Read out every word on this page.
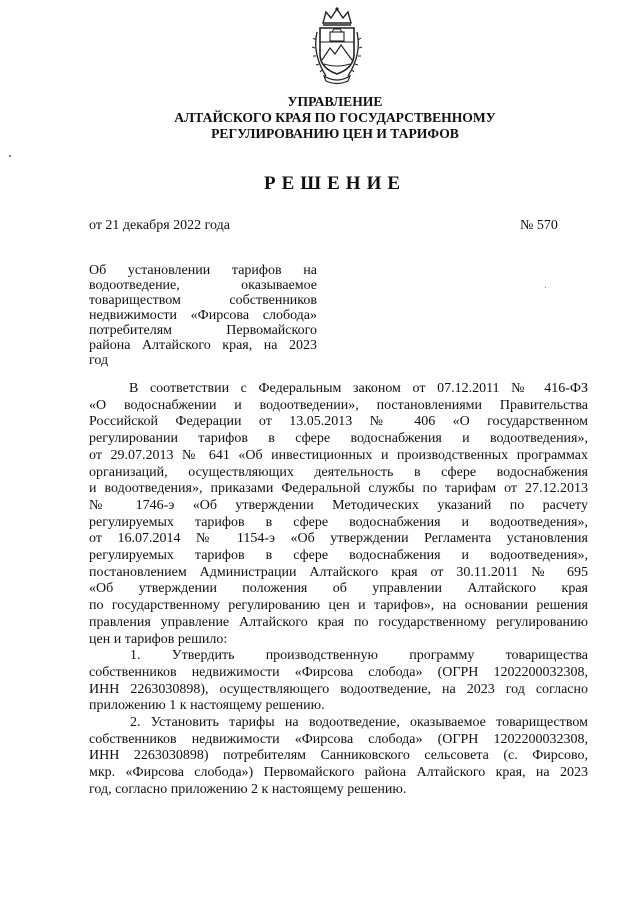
УПРАВЛЕНИЕ
АЛТАЙСКОГО КРАЯ ПО ГОСУДАРСТВЕННОМУ
РЕГУЛИРОВАНИЮ ЦЕН И ТАРИФОВ
РЕШЕНИЕ
от 21 декабря 2022 года	№ 570
Об установлении тарифов на
водоотведение, оказываемое
товариществом собственников
недвижимости «Фирсова слобода»
потребителям Первомайского
района Алтайского края, на 2023
год
В соответствии с Федеральным законом от 07.12.2011 № 416-ФЗ
«О водоснабжении и водоотведении», постановлениями Правительства
Российской Федерации от 13.05.2013 № 406 «О государственном
регулировании тарифов в сфере водоснабжения и водоотведения»,
от 29.07.2013 № 641 «Об инвестиционных и производственных программах
организаций, осуществляющих деятельность в сфере водоснабжения
и водоотведения», приказами Федеральной службы по тарифам от 27.12.2013
№ 1746-э «Об утверждении Методических указаний по расчету
регулируемых тарифов в сфере водоснабжения и водоотведения»,
от 16.07.2014 № 1154-э «Об утверждении Регламента установления
регулируемых тарифов в сфере водоснабжения и водоотведения»,
постановлением Администрации Алтайского края от 30.11.2011 № 695
«Об утверждении положения об управлении Алтайского края
по государственному регулированию цен и тарифов», на основании решения
правления управление Алтайского края по государственному регулированию
цен и тарифов решило:
1. Утвердить производственную программу товарищества
собственников недвижимости «Фирсова слобода» (ОГРН 1202200032308,
ИНН 2263030898), осуществляющего водоотведение, на 2023 год согласно
приложению 1 к настоящему решению.
2. Установить тарифы на водоотведение, оказываемое товариществом
собственников недвижимости «Фирсова слобода» (ОГРН 1202200032308,
ИНН 2263030898) потребителям Санниковского сельсовета (с. Фирсово,
мкр. «Фирсова слобода») Первомайского района Алтайского края, на 2023
год, согласно приложению 2 к настоящему решению.
